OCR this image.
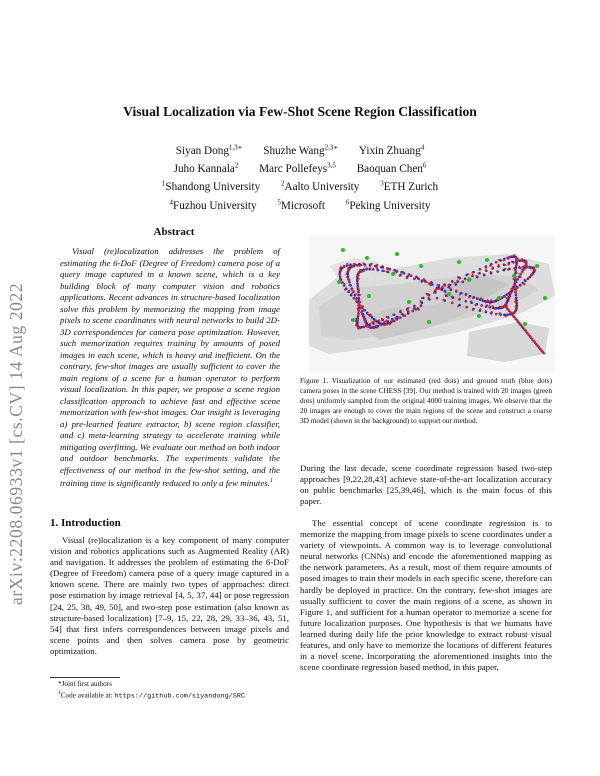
arXiv:2208.06933v1 [cs.CV] 14 Aug 2022
Visual Localization via Few-Shot Scene Region Classification
Siyan Dong$^{1,3∗}$ Shuzhe Wang$^{2,3∗}$ Yixin Zhuang$^4$
Juho Kannala$^2$ Marc Pollefeys$^{3,5}$ Baoquan Chen$^6$
$^1$Shandong University	$^2$Aalto University	$^3$ETH Zurich
$^4$Fuzhou University	$^5$Microsoft	$^6$Peking University
Abstract
Visual (re)localization addresses the problem of estimating the 6-DoF (Degree of Freedom) camera pose of a query image captured in a known scene, which is a key building block of many computer vision and robotics applications. Recent advances in structure-based localization solve this problem by memorizing the mapping from image pixels to scene coordinates with neural networks to build 2D-3D correspondences for camera pose optimization. However, such memorization requires training by amounts of posed images in each scene, which is heavy and inefficient. On the contrary, few-shot images are usually sufficient to cover the main regions of a scene for a human operator to perform visual localization. In this paper, we propose a scene region classification approach to achieve fast and effective scene memorization with few-shot images. Our insight is leveraging a) pre-learned feature extractor, b) scene region classifier, and c) meta-learning strategy to accelerate training while mitigating overfitting. We evaluate our method on both indoor and outdoor benchmarks. The experiments validate the effectiveness of our method in the few-shot setting, and the training time is significantly reduced to only a few minutes.$^1$
1. Introduction
Visual (re)localization is a key component of many computer vision and robotics applications such as Augmented Reality (AR) and navigation. It addresses the problem of estimating the 6-DoF (Degree of Freedom) camera pose of a query image captured in a known scene. There are mainly two types of approaches: direct pose estimation by image retrieval [4, 5, 37, 44] or pose regression [24, 25, 38, 49, 50], and two-step pose estimation (also known as structure-based localization) [7–9, 15, 22, 28, 29, 33–36, 43, 51, 54] that first infers correspondences between image pixels and scene points and then solves camera pose by geometric optimization.
*Joint first authors
$^1$Code available at: https://github.com/siyandong/SRC
Figure 1. Visualization of our estimated (red dots) and ground truth (blue dots) camera poses in the scene CHESS [39]. Our method is trained with 20 images (green dots) uniformly sampled from the original 4000 training images. We observe that the 20 images are enough to cover the main regions of the scene and construct a coarse 3D model (shown in the background) to support our method.
During the last decade, scene coordinate regression based two-step approaches [9,22,28,43] achieve state-of-the-art localization accuracy on public benchmarks [25,39,46], which is the main focus of this paper.
The essential concept of scene coordinate regression is to memorize the mapping from image pixels to scene coordinates under a variety of viewpoints. A common way is to leverage convolutional neural networks (CNNs) and encode the aforementioned mapping as the network parameters. As a result, most of them require amounts of posed images to train their models in each specific scene, therefore can hardly be deployed in practice. On the contrary, few-shot images are usually sufficient to cover the main regions of a scene, as shown in Figure 1, and sufficient for a human operator to memorize a scene for future localization purposes. One hypothesis is that we humans have learned during daily life the prior knowledge to extract robust visual features, and only have to memorize the locations of different features in a novel scene. Incorporating the aforementioned insights into the scene coordinate regression based method, in this paper,
